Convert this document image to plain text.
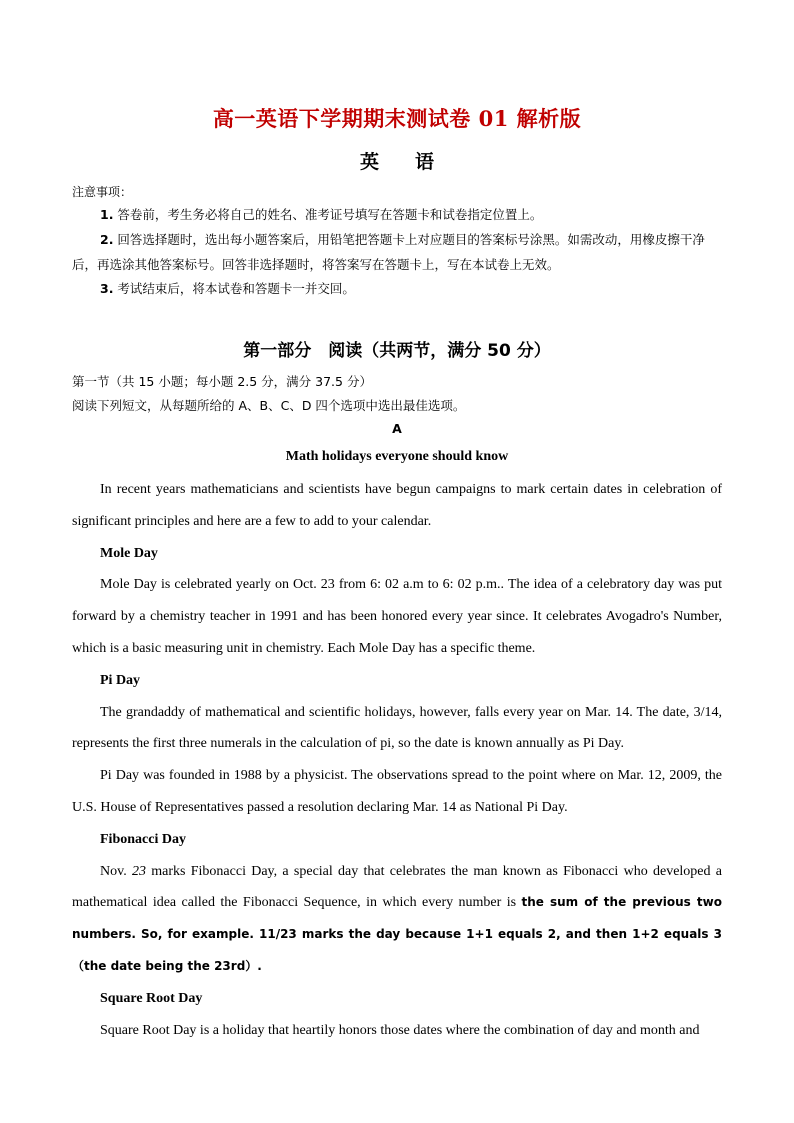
高一英语下学期期末测试卷 01 解析版
英 语
注意事项：

1. 答卷前，考生务必将自己的姓名、准考证号填写在答题卡和试卷指定位置上。

2. 回答选择题时，选出每小题答案后，用铅笔把答题卡上对应题目的答案标号涂黑。如需改动，用橡皮擦干净后，再选涂其他答案标号。回答非选择题时，将答案写在答题卡上，写在本试卷上无效。

3. 考试结束后，将本试卷和答题卡一并交回。

第一部分　阅读（共两节，满分 50 分）
第一节（共 15 小题；每小题 2.5 分，满分 37.5 分）
阅读下列短文，从每题所给的 A、B、C、D 四个选项中选出最佳选项。
A
Math holidays everyone should know

In recent years mathematicians and scientists have begun campaigns to mark certain dates in celebration of significant principles and here are a few to add to your calendar.

Mole Day

Mole Day is celebrated yearly on Oct. 23 from 6: 02 a.m to 6: 02 p.m.. The idea of a celebratory day was put forward by a chemistry teacher in 1991 and has been honored every year since. It celebrates Avogadro's Number, which is a basic measuring unit in chemistry. Each Mole Day has a specific theme.

Pi Day

The grandaddy of mathematical and scientific holidays, however, falls every year on Mar. 14. The date, 3/14, represents the first three numerals in the calculation of pi, so the date is known annually as Pi Day.

Pi Day was founded in 1988 by a physicist. The observations spread to the point where on Mar. 12, 2009, the U.S. House of Representatives passed a resolution declaring Mar. 14 as National Pi Day.

Fibonacci Day

Nov. 23 marks Fibonacci Day, a special day that celebrates the man known as Fibonacci who developed a mathematical idea called the Fibonacci Sequence, in which every number is the sum of the previous two numbers. So, for example. 11/23 marks the day because 1+1 equals 2, and then 1+2 equals 3（the date being the 23rd）.

Square Root Day

Square Root Day is a holiday that heartily honors those dates where the combination of day and month and
